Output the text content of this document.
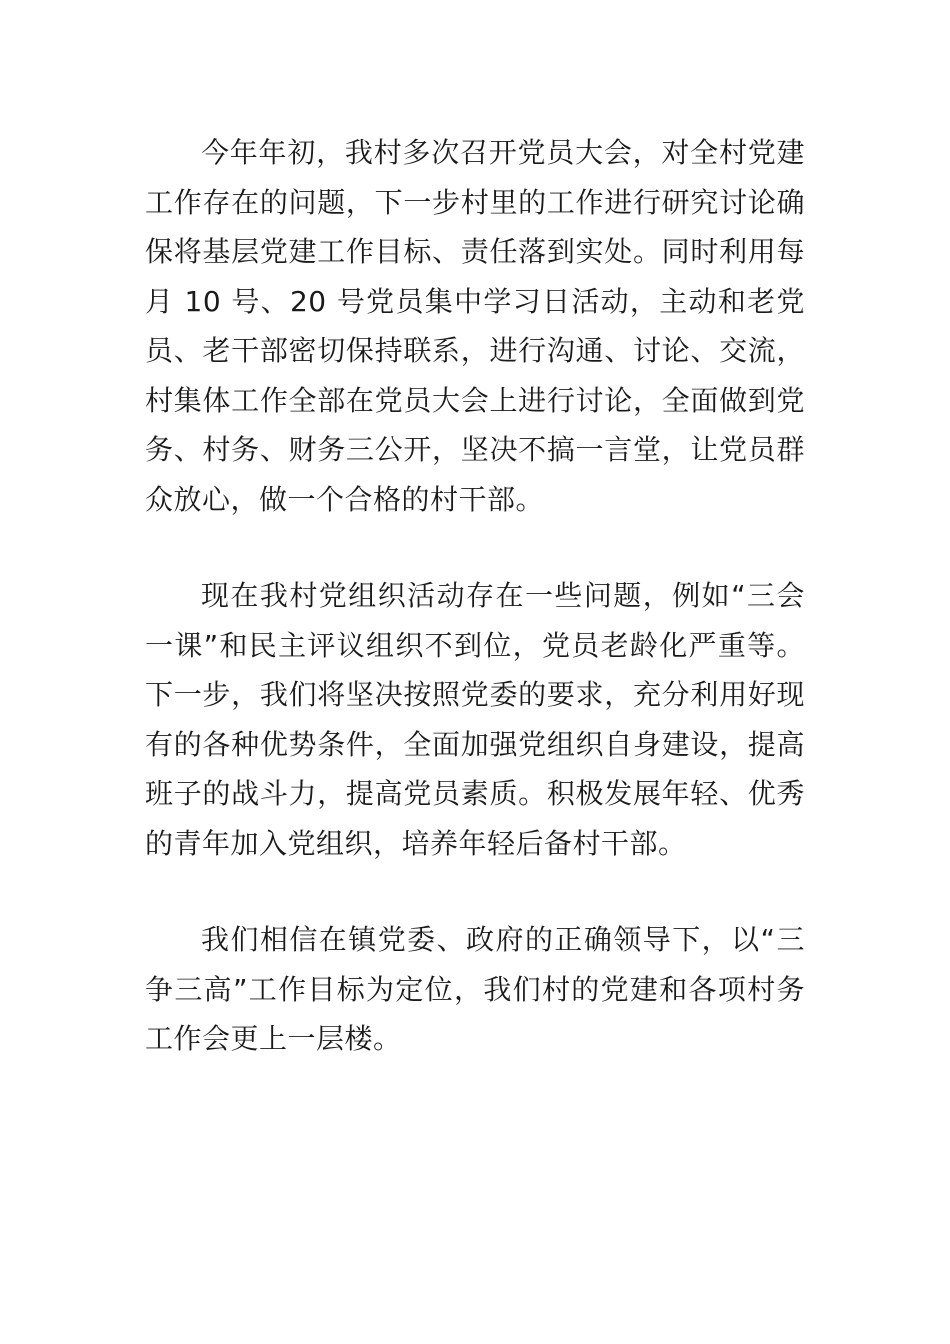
今年年初，我村多次召开党员大会，对全村党建工作存在的问题，下一步村里的工作进行研究讨论确保将基层党建工作目标、责任落到实处。同时利用每月 10 号、20 号党员集中学习日活动，主动和老党员、老干部密切保持联系，进行沟通、讨论、交流，村集体工作全部在党员大会上进行讨论，全面做到党务、村务、财务三公开，坚决不搞一言堂，让党员群众放心，做一个合格的村干部。

现在我村党组织活动存在一些问题，例如“三会一课”和民主评议组织不到位，党员老龄化严重等。下一步，我们将坚决按照党委的要求，充分利用好现有的各种优势条件，全面加强党组织自身建设，提高班子的战斗力，提高党员素质。积极发展年轻、优秀的青年加入党组织，培养年轻后备村干部。

我们相信在镇党委、政府的正确领导下，以“三争三高”工作目标为定位，我们村的党建和各项村务工作会更上一层楼。
